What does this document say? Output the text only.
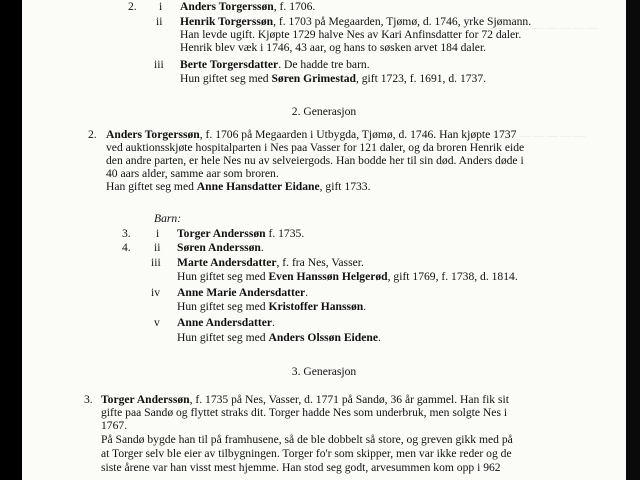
— — — — — — — — —
— — — — — — —
2. i Anders Torgerssøn, f. 1706.
ii Henrik Torgerssøn, f. 1703 på Megaarden, Tjømø, d. 1746, yrke Sjømann.
Han levde ugift. Kjøpte 1729 halve Nes av Kari Anfinsdatter for 72 daler.
Henrik blev væk i 1746, 43 aar, og hans to søsken arvet 184 daler.
iii Berte Torgersdatter. De hadde tre barn.
Hun giftet seg med Søren Grimestad, gift 1723, f. 1691, d. 1737.
2. Generasjon
2. Anders Torgerssøn, f. 1706 på Megaarden i Utbygda, Tjømø, d. 1746. Han kjøpte 1737
ved auktionsskjøte hospitalparten i Nes paa Vasser for 121 daler, og da broren Henrik eide
den andre parten, er hele Nes nu av selveiergods. Han bodde her til sin død. Anders døde i
40 aars alder, samme aar som broren.
Han giftet seg med Anne Hansdatter Eidane, gift 1733.
Barn:
3. i Torger Anderssøn f. 1735.
4. ii Søren Anderssøn.
iii Marte Andersdatter, f. fra Nes, Vasser.
Hun giftet seg med Even Hanssøn Helgerød, gift 1769, f. 1738, d. 1814.
iv Anne Marie Andersdatter.
Hun giftet seg med Kristoffer Hanssøn.
v Anne Andersdatter.
Hun giftet seg med Anders Olssøn Eidene.
3. Generasjon
3. Torger Anderssøn, f. 1735 på Nes, Vasser, d. 1771 på Sandø, 36 år gammel. Han fik sit
gifte paa Sandø og flyttet straks dit. Torger hadde Nes som underbruk, men solgte Nes i
1767.
På Sandø bygde han til på framhusene, så de ble dobbelt så store, og greven gikk med på
at Torger selv ble eier av tilbygningen. Torger fo'r som skipper, men var ikke reder og de
siste årene var han visst mest hjemme. Han stod seg godt, arvesummen kom opp i 962
